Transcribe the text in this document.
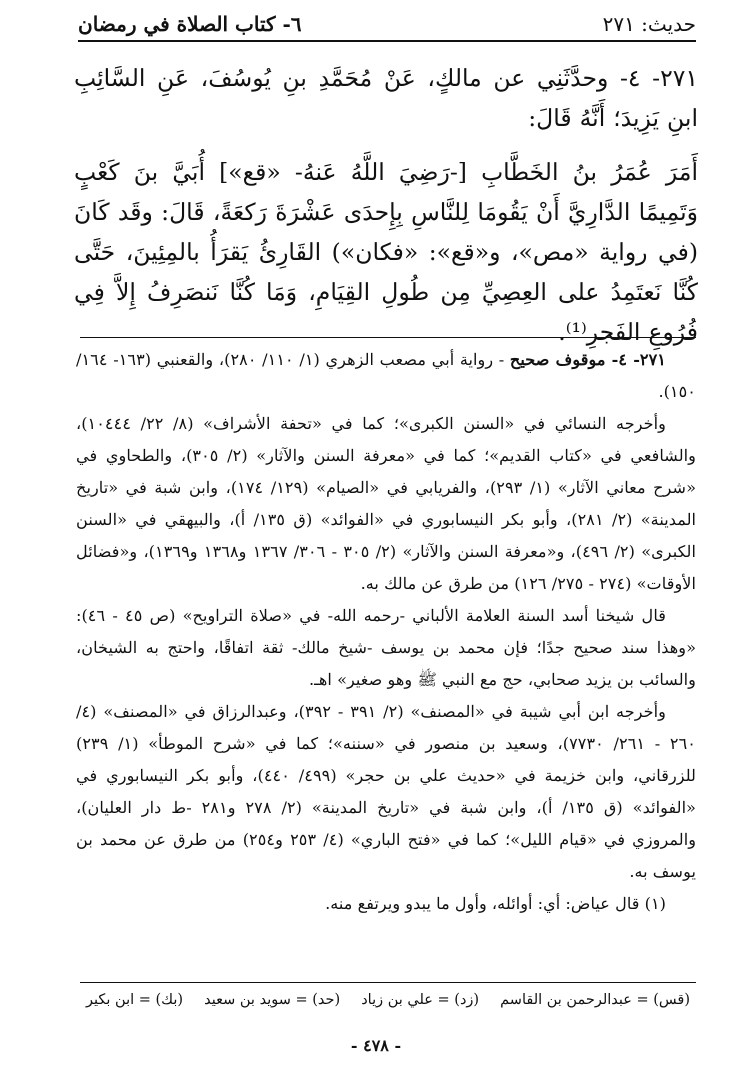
حديث: ٢٧١
٦- كتاب الصلاة في رمضان

٢٧١- ٤- وحدَّثَنِي عن مالكٍ، عَنْ مُحَمَّدِ بنِ يُوسُفَ، عَنِ السَّائِبِ ابنِ يَزِيدَ؛ أَنَّهُ قَالَ:

أَمَرَ عُمَرُ بنُ الخَطَّابِ [-رَضِيَ اللَّهُ عَنهُ- «قع»] أُبَيَّ بنَ كَعْبٍ وَتَمِيمًا الدَّارِيَّ أَنْ يَقُومَا لِلنَّاسِ بِإِحدَى عَشْرَةَ رَكعَةً، قَالَ: وقَد كَانَ (في رواية «مص»، و«قع»: «فكان») القَارِئُ يَقرَأُ بالمِئِينَ، حَتَّى كُنَّا نَعتَمِدُ على العِصِيِّ مِن طُولِ القِيَامِ، وَمَا كُنَّا نَنصَرِفُ إِلاَّ فِي فُرُوعِ الفَجرِ⁽¹⁾.

٢٧١- ٤- موقوف صحيح - رواية أبي مصعب الزهري (١/ ١١٠/ ٢٨٠)، والقعنبي (١٦٣- ١٦٤/ ١٥٠).

وأخرجه النسائي في «السنن الكبرى»؛ كما في «تحفة الأشراف» (٨/ ٢٢/ ١٠٤٤٤)، والشافعي في «كتاب القديم»؛ كما في «معرفة السنن والآثار» (٢/ ٣٠٥)، والطحاوي في «شرح معاني الآثار» (١/ ٢٩٣)، والفريابي في «الصيام» (١٢٩/ ١٧٤)، وابن شبة في «تاريخ المدينة» (٢/ ٢٨١)، وأبو بكر النيسابوري في «الفوائد» (ق ١٣٥/ أ)، والبيهقي في «السنن الكبرى» (٢/ ٤٩٦)، و«معرفة السنن والآثار» (٢/ ٣٠٥ - ٣٠٦/ ١٣٦٧ و١٣٦٨ و١٣٦٩)، و«فضائل الأوقات» (٢٧٤ - ٢٧٥/ ١٢٦) من طرق عن مالك به.

قال شيخنا أسد السنة العلامة الألباني -رحمه الله- في «صلاة التراويح» (ص ٤٥ - ٤٦): «وهذا سند صحيح جدًا؛ فإن محمد بن يوسف -شيخ مالك- ثقة اتفاقًا، واحتج به الشيخان، والسائب بن يزيد صحابي، حج مع النبي ﷺ وهو صغير» اهـ.

وأخرجه ابن أبي شيبة في «المصنف» (٢/ ٣٩١ - ٣٩٢)، وعبدالرزاق في «المصنف» (٤/ ٢٦٠ - ٢٦١/ ٧٧٣٠)، وسعيد بن منصور في «سننه»؛ كما في «شرح الموطأ» (١/ ٢٣٩) للزرقاني، وابن خزيمة في «حديث علي بن حجر» (٤٩٩/ ٤٤٠)، وأبو بكر النيسابوري في «الفوائد» (ق ١٣٥/ أ)، وابن شبة في «تاريخ المدينة» (٢/ ٢٧٨ و٢٨١ -ط دار العليان)، والمروزي في «قيام الليل»؛ كما في «فتح الباري» (٤/ ٢٥٣ و٢٥٤) من طرق عن محمد بن يوسف به.

(١) قال عياض: أي: أوائله، وأول ما يبدو ويرتفع منه.

(قس) = عبدالرحمن بن القاسم
(زد) = علي بن زياد
(حد) = سويد بن سعيد
(بك) = ابن بكير
- ٤٧٨ -
